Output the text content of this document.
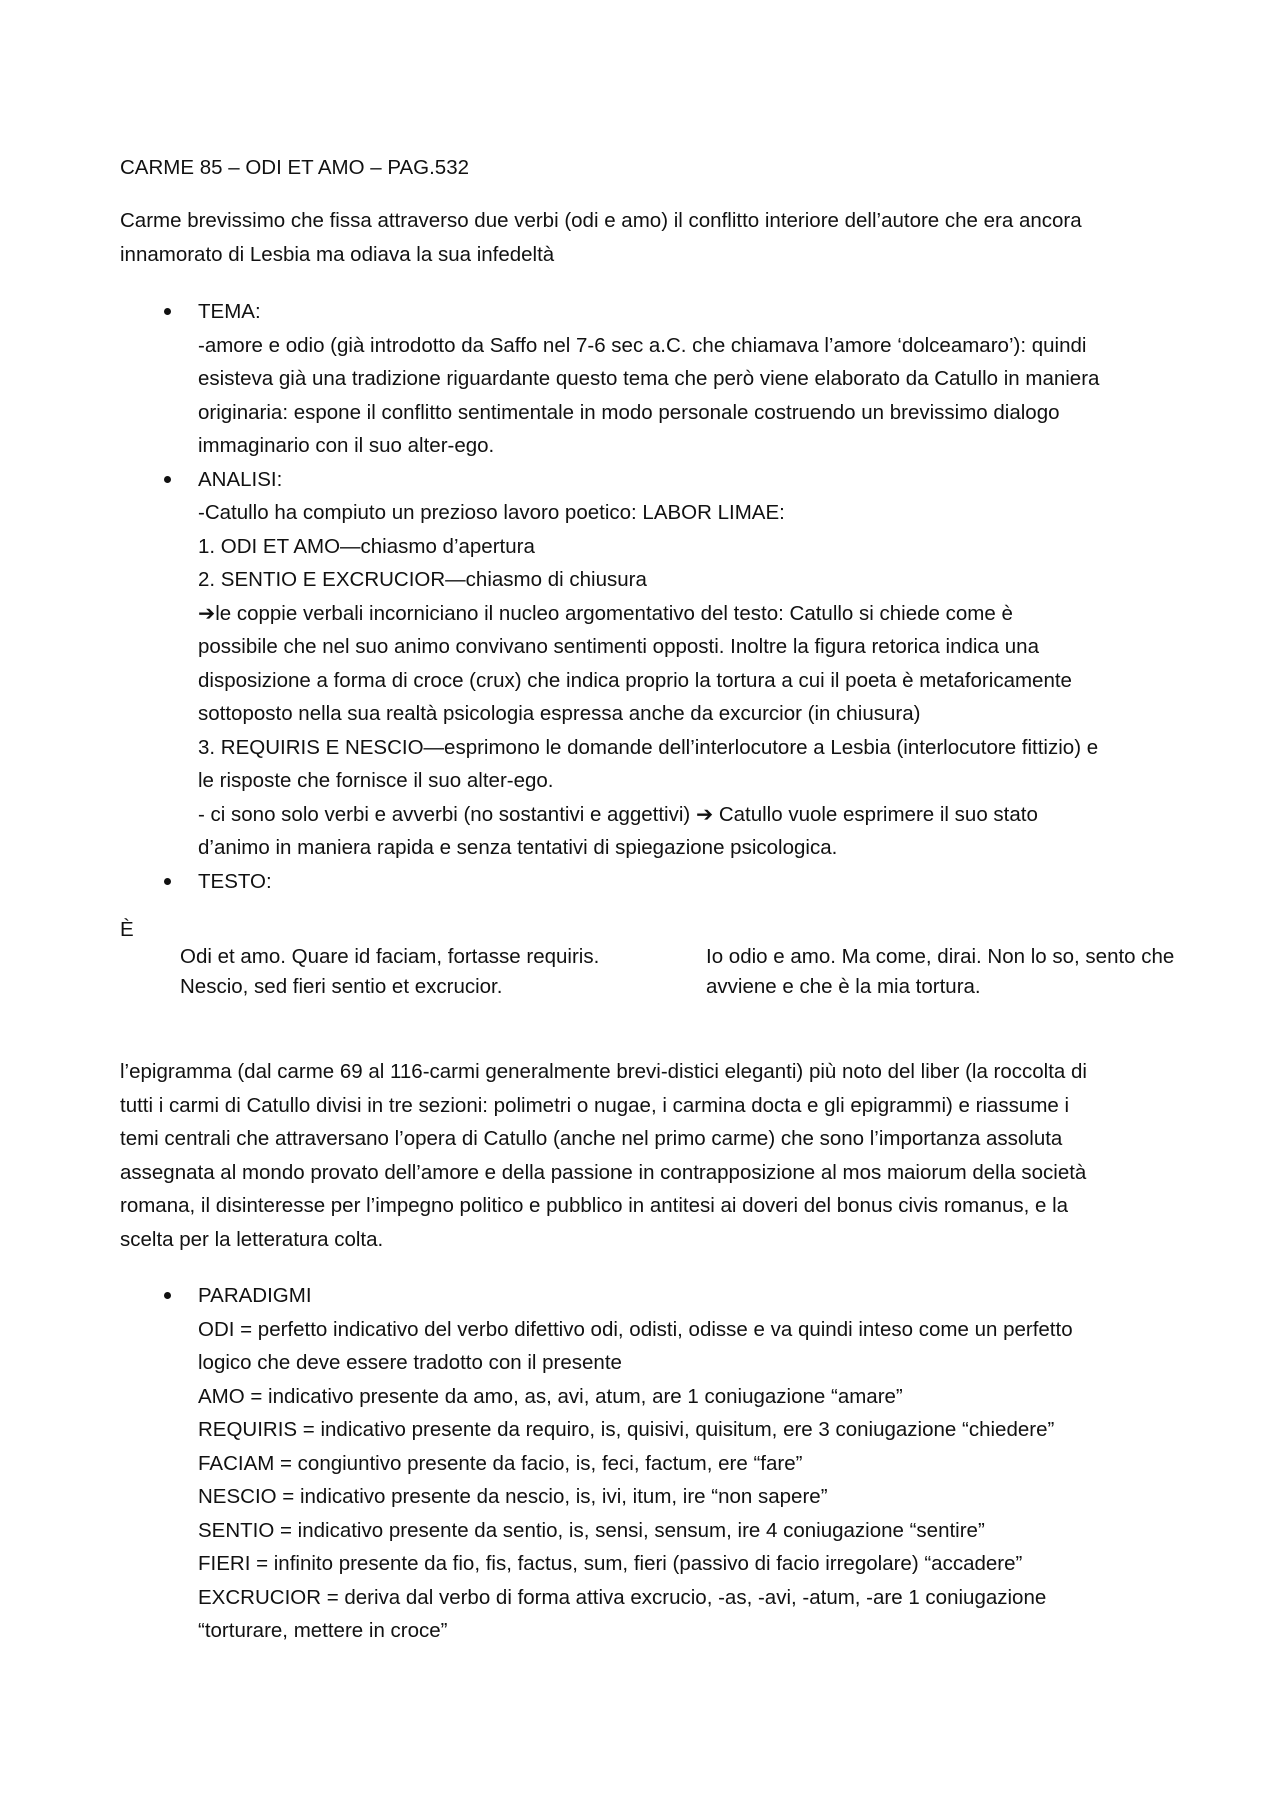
CARME 85 – ODI ET AMO – PAG.532

Carme brevissimo che fissa attraverso due verbi (odi e amo) il conflitto interiore dell’autore che era ancora
innamorato di Lesbia ma odiava la sua infedeltà

TEMA:
-amore e odio (già introdotto da Saffo nel 7-6 sec a.C. che chiamava l’amore ‘dolceamaro’): quindi
esisteva già una tradizione riguardante questo tema che però viene elaborato da Catullo in maniera
originaria: espone il conflitto sentimentale in modo personale costruendo un brevissimo dialogo
immaginario con il suo alter-ego.
ANALISI:
-Catullo ha compiuto un prezioso lavoro poetico: LABOR LIMAE:
1. ODI ET AMO—chiasmo d’apertura
2. SENTIO E EXCRUCIOR—chiasmo di chiusura
➔le coppie verbali incorniciano il nucleo argomentativo del testo: Catullo si chiede come è
possibile che nel suo animo convivano sentimenti opposti. Inoltre la figura retorica indica una
disposizione a forma di croce (crux) che indica proprio la tortura a cui il poeta è metaforicamente
sottoposto nella sua realtà psicologia espressa anche da excurcior (in chiusura)
3. REQUIRIS E NESCIO—esprimono le domande dell’interlocutore a Lesbia (interlocutore fittizio) e
le risposte che fornisce il suo alter-ego.
- ci sono solo verbi e avverbi (no sostantivi e aggettivi) ➔ Catullo vuole esprimere il suo stato
d’animo in maniera rapida e senza tentativi di spiegazione psicologica.
TESTO:
È
Odi et amo. Quare id faciam, fortasse requiris.
Nescio, sed fieri sentio et excrucior.
Io odio e amo. Ma come, dirai. Non lo so, sento che
avviene e che è la mia tortura.

l’epigramma (dal carme 69 al 116-carmi generalmente brevi-distici eleganti) più noto del liber (la roccolta di
tutti i carmi di Catullo divisi in tre sezioni: polimetri o nugae, i carmina docta e gli epigrammi) e riassume i
temi centrali che attraversano l’opera di Catullo (anche nel primo carme) che sono l’importanza assoluta
assegnata al mondo provato dell’amore e della passione in contrapposizione al mos maiorum della società
romana, il disinteresse per l’impegno politico e pubblico in antitesi ai doveri del bonus civis romanus, e la
scelta per la letteratura colta.

PARADIGMI
ODI = perfetto indicativo del verbo difettivo odi, odisti, odisse e va quindi inteso come un perfetto
logico che deve essere tradotto con il presente
AMO = indicativo presente da amo, as, avi, atum, are 1 coniugazione “amare”
REQUIRIS = indicativo presente da requiro, is, quisivi, quisitum, ere 3 coniugazione “chiedere”
FACIAM = congiuntivo presente da facio, is, feci, factum, ere “fare”
NESCIO = indicativo presente da nescio, is, ivi, itum, ire “non sapere”
SENTIO = indicativo presente da sentio, is, sensi, sensum, ire 4 coniugazione “sentire”
FIERI = infinito presente da fio, fis, factus, sum, fieri (passivo di facio irregolare) “accadere”
EXCRUCIOR = deriva dal verbo di forma attiva excrucio, -as, -avi, -atum, -are 1 coniugazione
“torturare, mettere in croce”
